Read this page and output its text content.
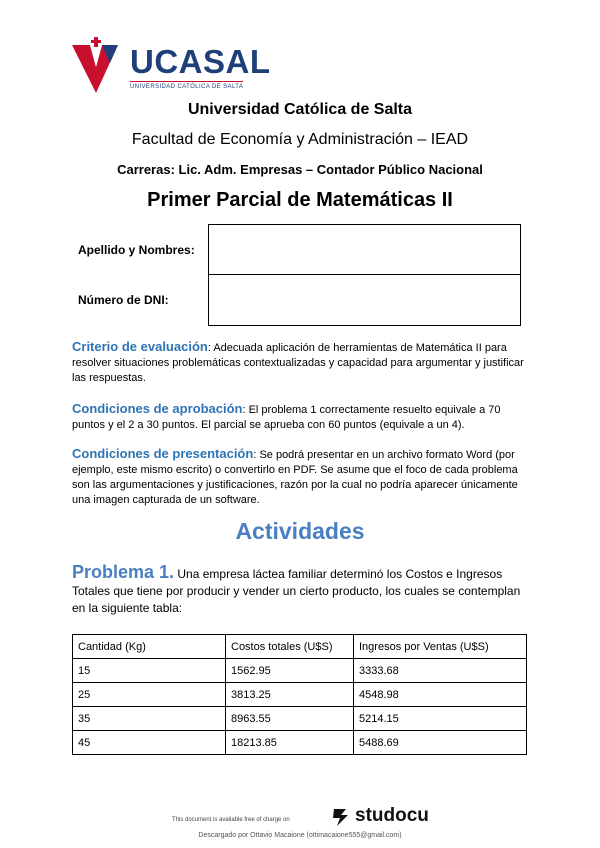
UCASAL
UNIVERSIDAD CATÓLICA DE SALTA
Universidad Católica de Salta
Facultad de Economía y Administración – IEAD
Carreras: Lic. Adm. Empresas – Contador Público Nacional
Primer Parcial de Matemáticas II
Apellido y Nombres:
Número de DNI:
Criterio de evaluación: Adecuada aplicación de herramientas de Matemática II para resolver situaciones problemáticas contextualizadas y capacidad para argumentar y justificar las respuestas.
Condiciones de aprobación: El problema 1 correctamente resuelto equivale a 70 puntos y el 2 a 30 puntos. El parcial se aprueba con 60 puntos (equivale a un 4).
Condiciones de presentación: Se podrá presentar en un archivo formato Word (por ejemplo, este mismo escrito) o convertirlo en PDF. Se asume que el foco de cada problema son las argumentaciones y justificaciones, razón por la cual no podría aparecer únicamente una imagen capturada de un software.
Actividades
Problema 1. Una empresa láctea familiar determinó los Costos e Ingresos Totales que tiene por producir y vender un cierto producto, los cuales se contemplan en la siguiente tabla:
Cantidad (Kg)	Costos totales (U$S)	Ingresos por Ventas (U$S)
15	1562.95	3333.68
25	3813.25	4548.98
35	8963.55	5214.15
45	18213.85	5488.69
This document is available free of charge on	studocu
Descargado por Ottavio Macaione (ottimacaione555@gmail.com)
